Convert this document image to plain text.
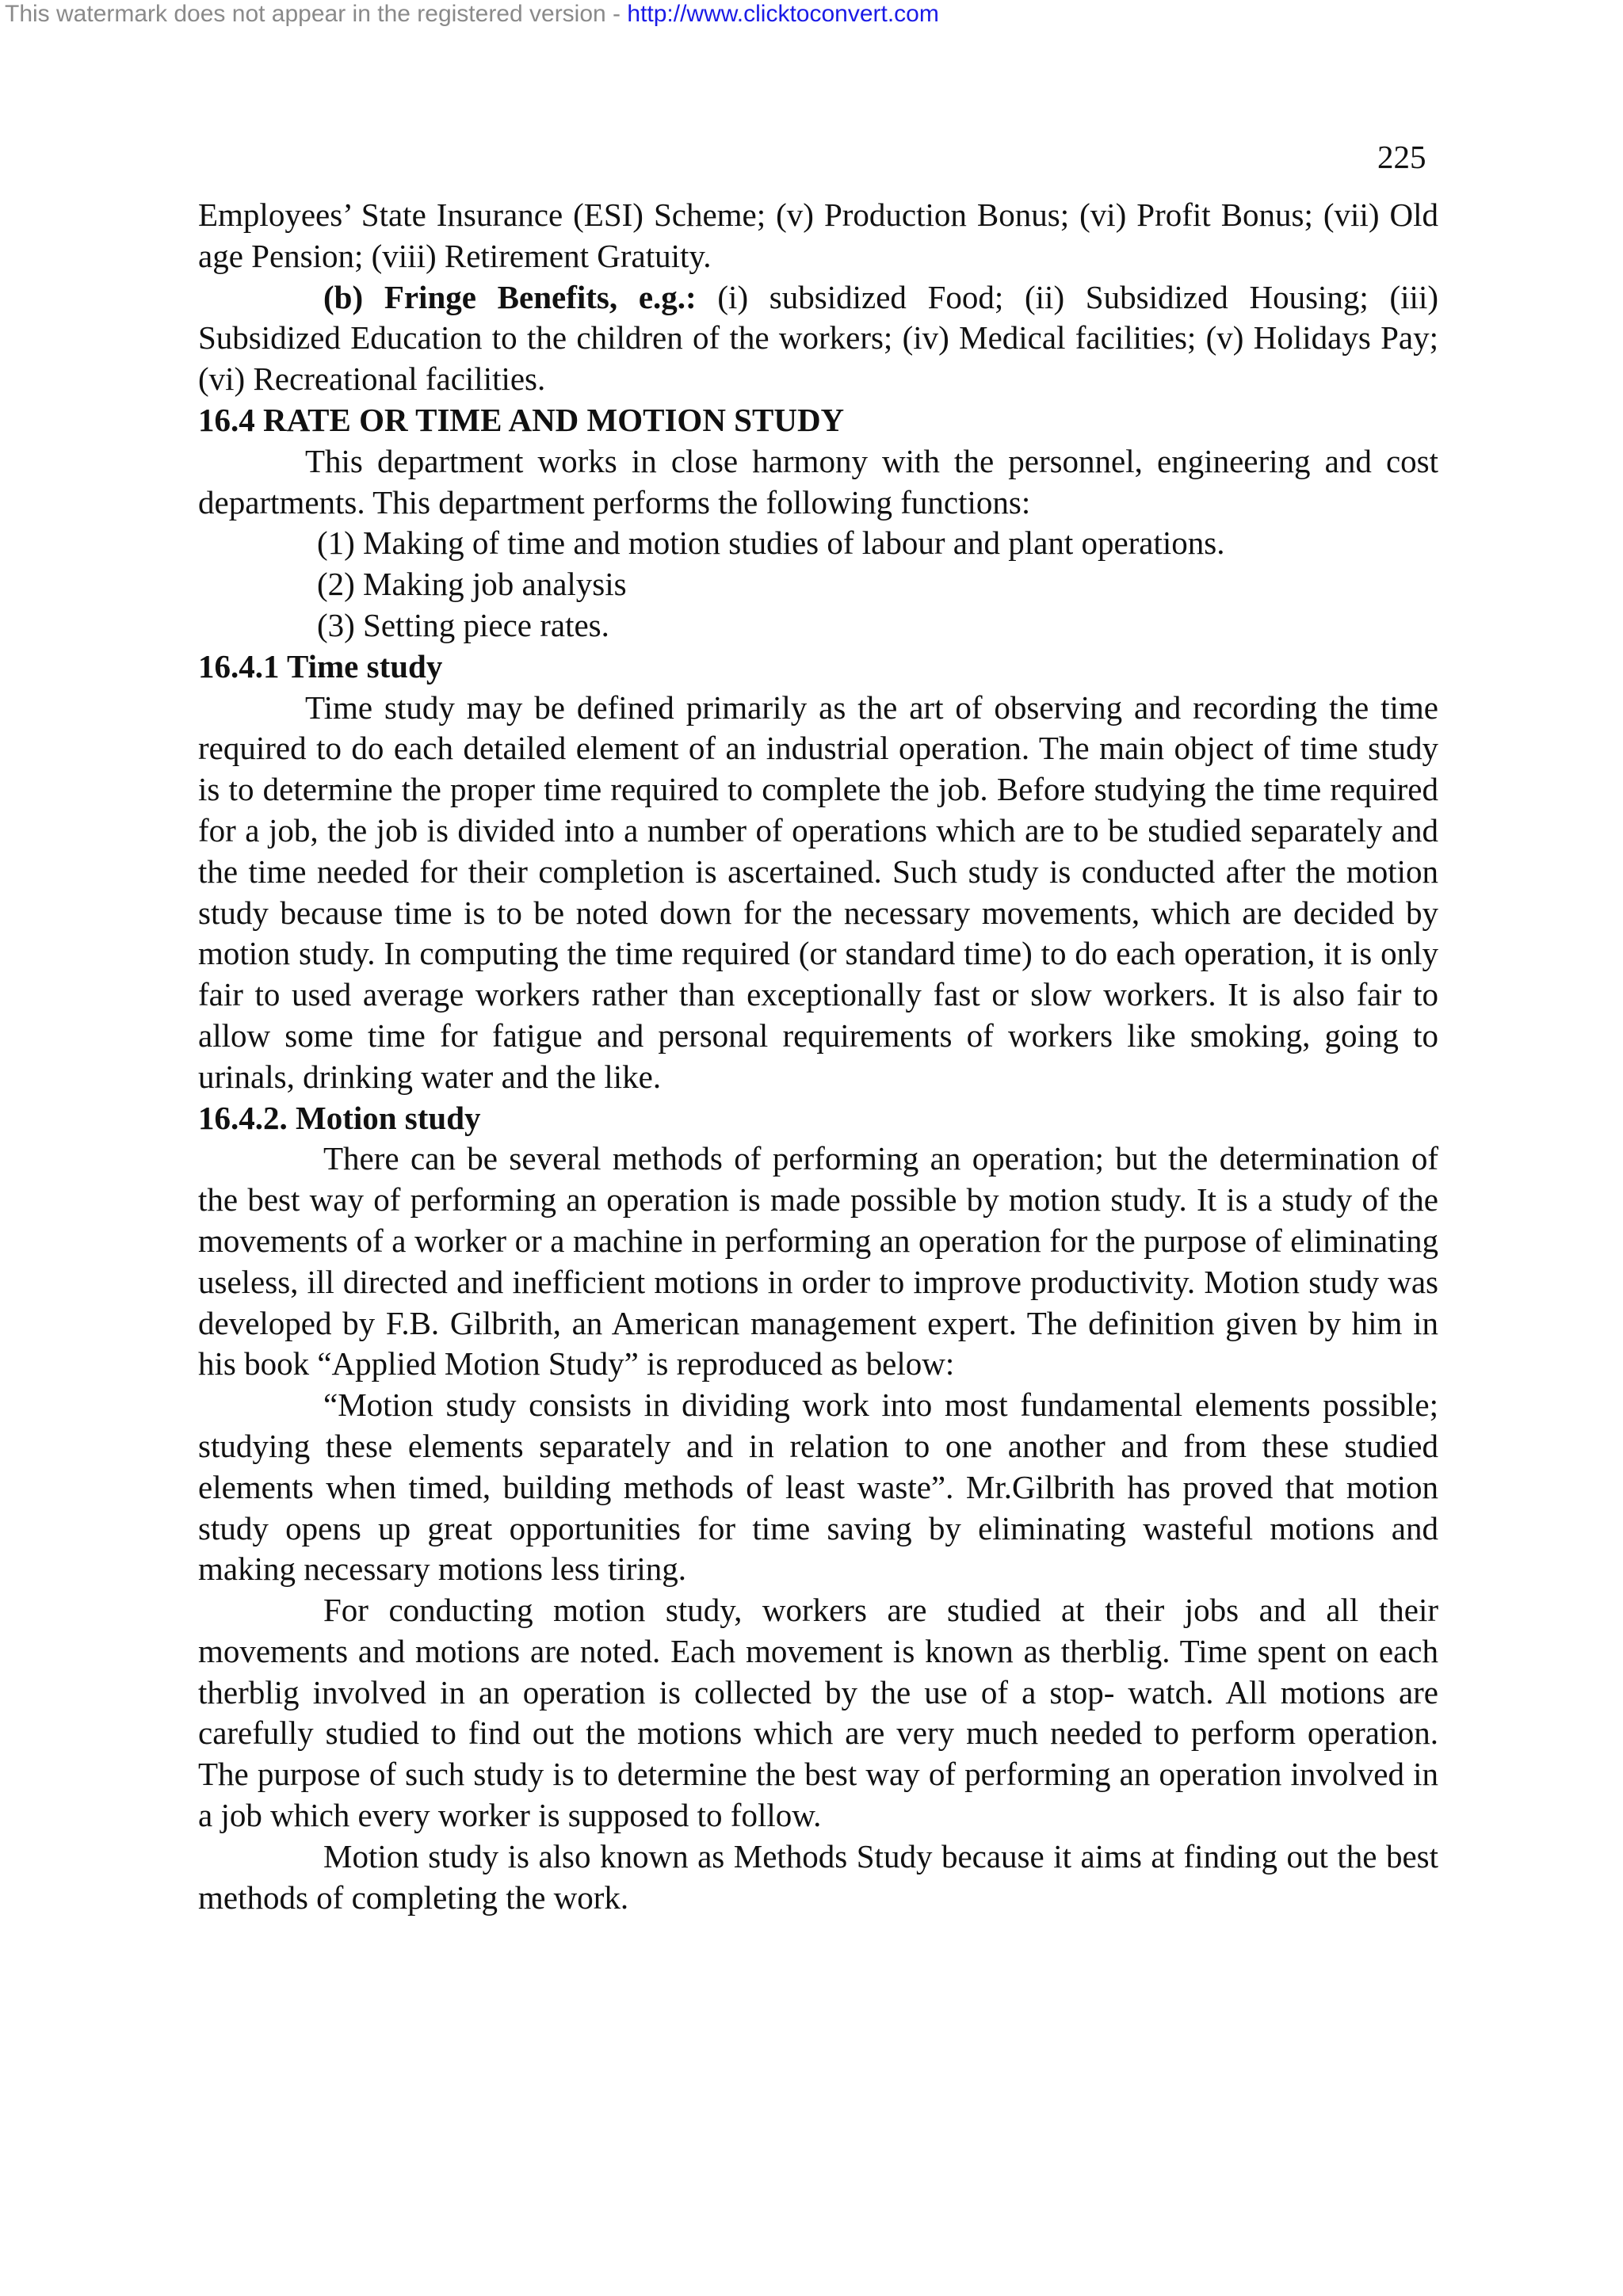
This watermark does not appear in the registered version - http://www.clicktoconvert.com
225

Employees’ State Insurance (ESI) Scheme; (v) Production Bonus; (vi) Profit Bonus; (vii) Old age Pension; (viii) Retirement Gratuity.

(b) Fringe Benefits, e.g.: (i) subsidized Food; (ii) Subsidized Housing; (iii) Subsidized Education to the children of the workers; (iv) Medical facilities; (v) Holidays Pay; (vi) Recreational facilities.

16.4 RATE OR TIME AND MOTION STUDY

This department works in close harmony with the personnel, engineering and cost departments. This department performs the following functions:

(1) Making of time and motion studies of labour and plant operations.

(2) Making job analysis

(3) Setting piece rates.

16.4.1 Time study

Time study may be defined primarily as the art of observing and recording the time required to do each detailed element of an industrial operation. The main object of time study is to determine the proper time required to complete the job. Before studying the time required for a job, the job is divided into a number of operations which are to be studied separately and the time needed for their completion is ascertained. Such study is conducted after the motion study because time is to be noted down for the necessary movements, which are decided by motion study. In computing the time required (or standard time) to do each operation, it is only fair to used average workers rather than exceptionally fast or slow workers. It is also fair to allow some time for fatigue and personal requirements of workers like smoking, going to urinals, drinking water and the like.

16.4.2. Motion study

There can be several methods of performing an operation; but the determination of the best way of performing an operation is made possible by motion study. It is a study of the movements of a worker or a machine in performing an operation for the purpose of eliminating useless, ill directed and inefficient motions in order to improve productivity. Motion study was developed by F.B. Gilbrith, an American management expert. The definition given by him in his book “Applied Motion Study” is reproduced as below:

“Motion study consists in dividing work into most fundamental elements possible; studying these elements separately and in relation to one another and from these studied elements when timed, building methods of least waste”. Mr.Gilbrith has proved that motion study opens up great opportunities for time saving by eliminating wasteful motions and making necessary motions less tiring.

For conducting motion study, workers are studied at their jobs and all their movements and motions are noted. Each movement is known as therblig. Time spent on each therblig involved in an operation is collected by the use of a stop- watch. All motions are carefully studied to find out the motions which are very much needed to perform operation. The purpose of such study is to determine the best way of performing an operation involved in a job which every worker is supposed to follow.

Motion study is also known as Methods Study because it aims at finding out the best methods of completing the work.
